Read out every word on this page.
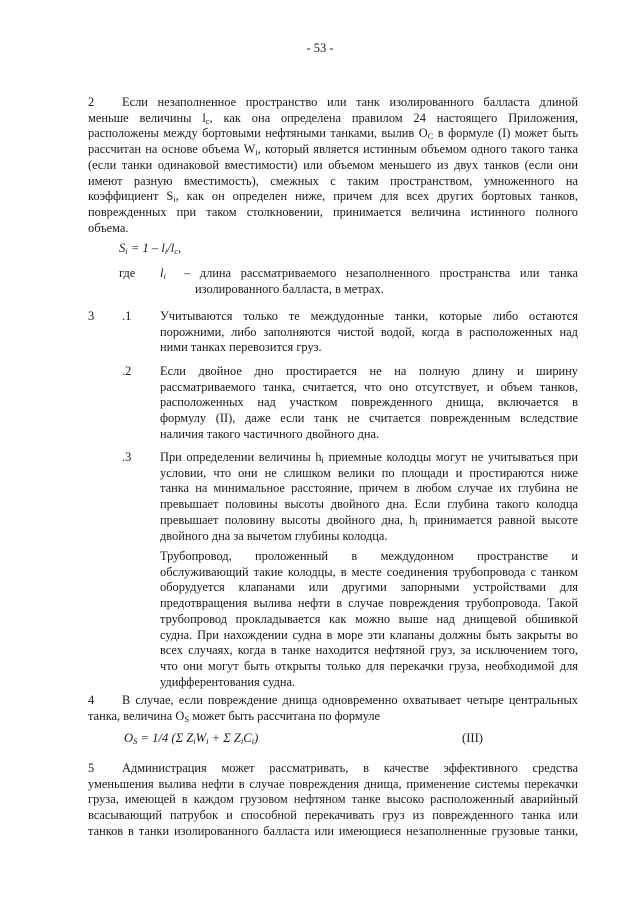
- 53 -
2	Если незаполненное пространство или танк изолированного балласта длиной
меньше величины $l_c$, как она определена правилом 24 настоящего Приложения,
расположены между бортовыми нефтяными танками, вылив $O_C$ в формуле (I) может быть
рассчитан на основе объема $W_i$, который является истинным объемом одного такого танка
(если танки одинаковой вместимости) или объемом меньшего из двух танков (если они
имеют разную вместимость), смежных с таким пространством, умноженного на
коэффициент $S_i$, как он определен ниже, причем для всех других бортовых танков,
поврежденных при таком столкновении, принимается величина истинного полного
объема.
$S_i = 1 - l_i/l_c$,
где $l_i$ – длина рассматриваемого незаполненного пространства или танка
изолированного балласта, в метрах.
3 .1 Учитываются только те междудонные танки, которые либо остаются
порожними, либо заполняются чистой водой, когда в расположенных над
ними танках перевозится груз.
.2 Если двойное дно простирается не на полную длину и ширину
рассматриваемого танка, считается, что оно отсутствует, и объем танков,
расположенных над участком поврежденного днища, включается в
формулу (II), даже если танк не считается поврежденным вследствие
наличия такого частичного двойного дна.
.3 При определении величины $h_i$ приемные колодцы могут не учитываться при
условии, что они не слишком велики по площади и простираются ниже
танка на минимальное расстояние, причем в любом случае их глубина не
превышает половины высоты двойного дна. Если глубина такого колодца
превышает половину высоты двойного дна, $h_i$ принимается равной высоте
двойного дна за вычетом глубины колодца.
Трубопровод, проложенный в междудонном пространстве и
обслуживающий такие колодцы, в месте соединения трубопровода с танком
оборудуется клапанами или другими запорными устройствами для
предотвращения вылива нефти в случае повреждения трубопровода. Такой
трубопровод прокладывается как можно выше над днищевой обшивкой
судна. При нахождении судна в море эти клапаны должны быть закрыты во
всех случаях, когда в танке находится нефтяной груз, за исключением того,
что они могут быть открыты только для перекачки груза, необходимой для
удифферентования судна.
4	В случае, если повреждение днища одновременно охватывает четыре центральных
танка, величина $O_S$ может быть рассчитана по формуле
$O_S = 1/4$ (Σ $Z_iW_i + \Sigma$ $Z_iC_i$)	(III)
5	Администрация может рассматривать, в качестве эффективного средства
уменьшения вылива нефти в случае повреждения днища, применение системы перекачки
груза, имеющей в каждом грузовом нефтяном танке высоко расположенный аварийный
всасывающий патрубок и способной перекачивать груз из поврежденного танка или
танков в танки изолированного балласта или имеющиеся незаполненные грузовые танки,
